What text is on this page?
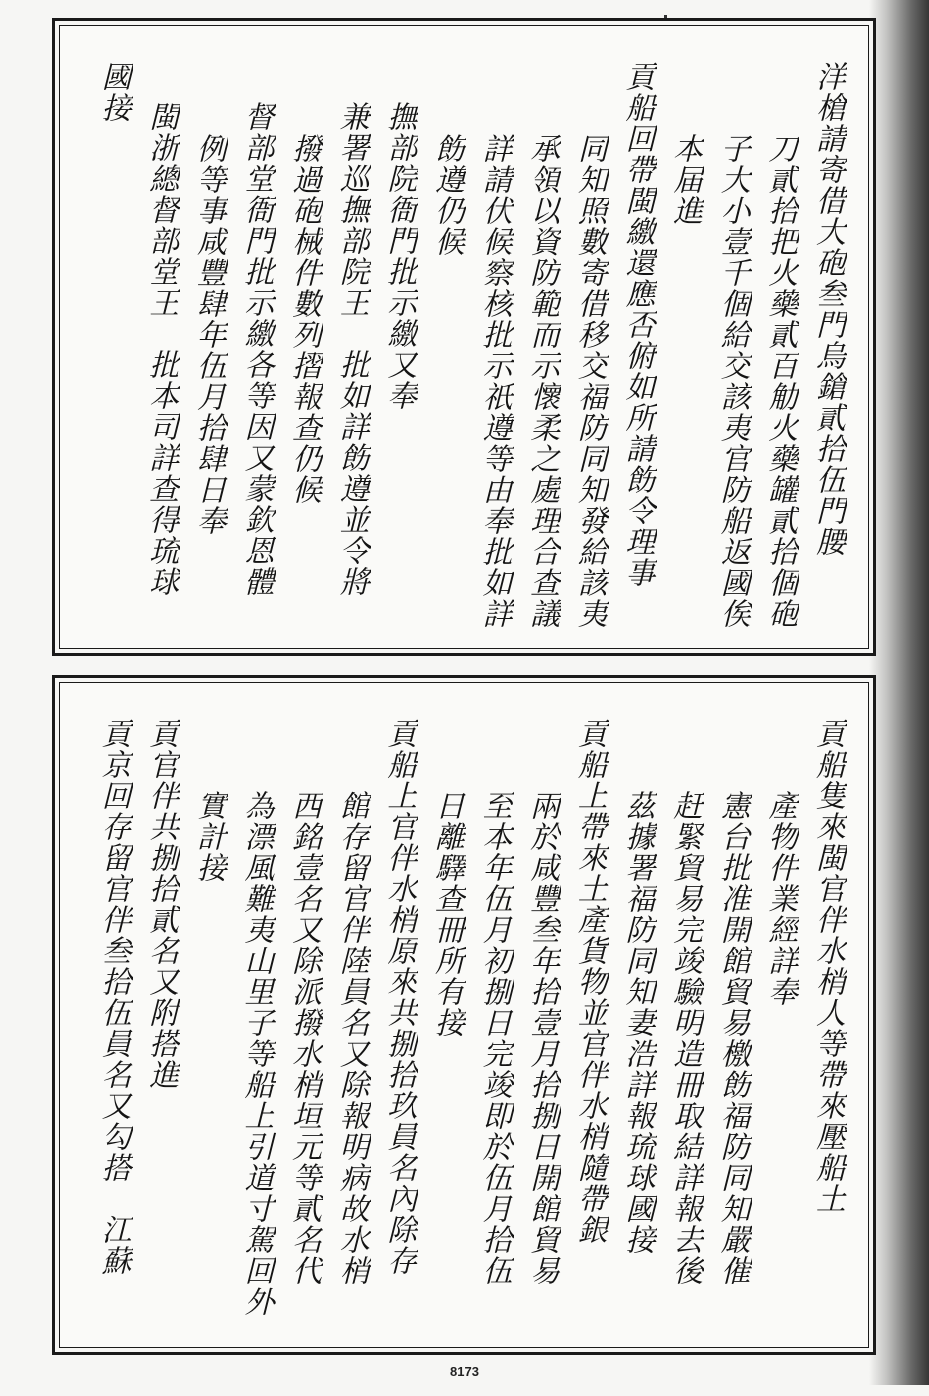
洋槍請寄借大砲叁門烏鎗貳拾伍門腰
刀貳拾把火藥貳百觔火藥罐貳拾個砲
子大小壹千個給交該夷官防船返國俟
本届進
貢船回帶閩繳還應否俯如所請飭令理事
同知照數寄借移交福防同知發給該夷
承領以資防範而示懷柔之處理合查議
詳請伏候察核批示祇遵等由奉批如詳
飭遵仍候
撫部院衙門批示繳又奉
兼署巡撫部院王　批如詳飭遵並令將
撥過砲械件數列摺報查仍候
督部堂衙門批示繳各等因又蒙欽恩體
例等事咸豐肆年伍月拾肆日奉
閩浙總督部堂王　批本司詳查得琉球
國接
貢船隻來閩官伴水梢人等帶來壓船土
產物件業經詳奉
憲台批准開館貿易檄飭福防同知嚴催
赶緊貿易完竣驗明造冊取結詳報去後
茲據署福防同知妻浩詳報琉球國接
貢船上帶來土產貨物並官伴水梢隨帶銀
兩於咸豐叁年拾壹月拾捌日開館貿易
至本年伍月初捌日完竣即於伍月拾伍
日離驛查冊所有接
貢船上官伴水梢原來共捌拾玖員名內除存
館存留官伴陸員名又除報明病故水梢
西銘壹名又除派撥水梢垣元等貳名代
為漂風難夷山里子等船上引道寸駕回外
實計接
貢官伴共捌拾貳名又附搭進
貢京回存留官伴叁拾伍員名又勾搭　江蘇
8173
